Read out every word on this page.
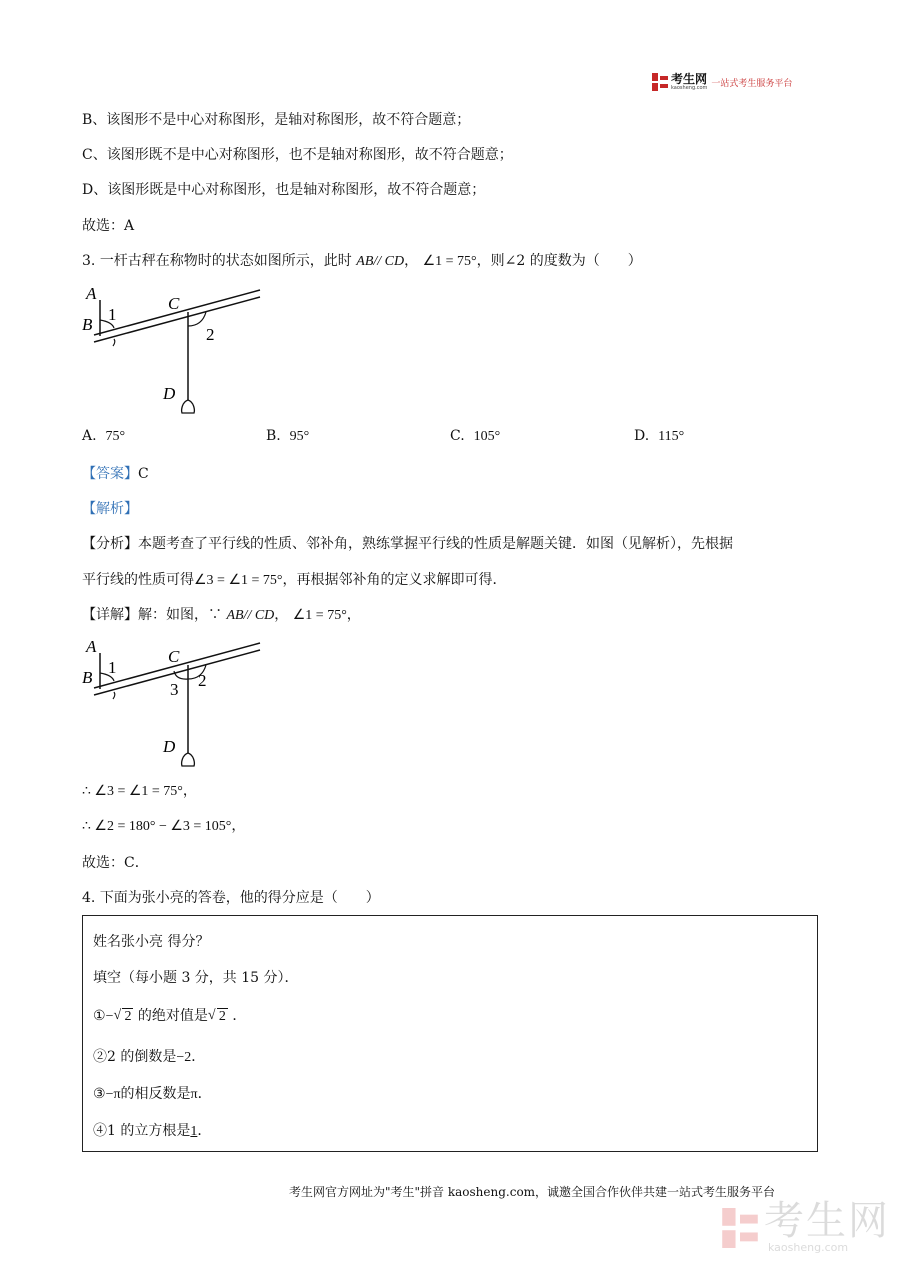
考生网
kaosheng.com 一站式考生服务平台
B、该图形不是中心对称图形，是轴对称图形，故不符合题意；
C、该图形既不是中心对称图形，也不是轴对称图形，故不符合题意；
D、该图形既是中心对称图形，也是轴对称图形，故不符合题意；
故选：A
3. 一杆古秤在称物时的状态如图所示，此时 AB// CD， ∠1 = 75°，则∠2 的度数为（　　）
A
B
1
C
2
D
A. 75°	B. 95°	C. 105°	D. 115°
【答案】C
【解析】
【分析】本题考查了平行线的性质、邻补角，熟练掌握平行线的性质是解题关键．如图（见解析），先根据
平行线的性质可得∠3 = ∠1 = 75°，再根据邻补角的定义求解即可得．
【详解】解：如图，∵ AB// CD， ∠1 = 75°，
A
B
1
C
2
3
D
∴ ∠3 = ∠1 = 75°，
∴ ∠2 = 180° − ∠3 = 105°，
故选：C．
4. 下面为张小亮的答卷，他的得分应是（　　）
姓名张小亮 得分？
填空（每小题 3 分，共 15 分）．
①− √ 2 的绝对值是 √ 2 ．
②2 的倒数是−2．
③−π的相反数是π．
④1 的立方根是1．
考生网官方网址为"考生"拼音 kaosheng.com，诚邀全国合作伙伴共建一站式考生服务平台
考生网
kaosheng.com
